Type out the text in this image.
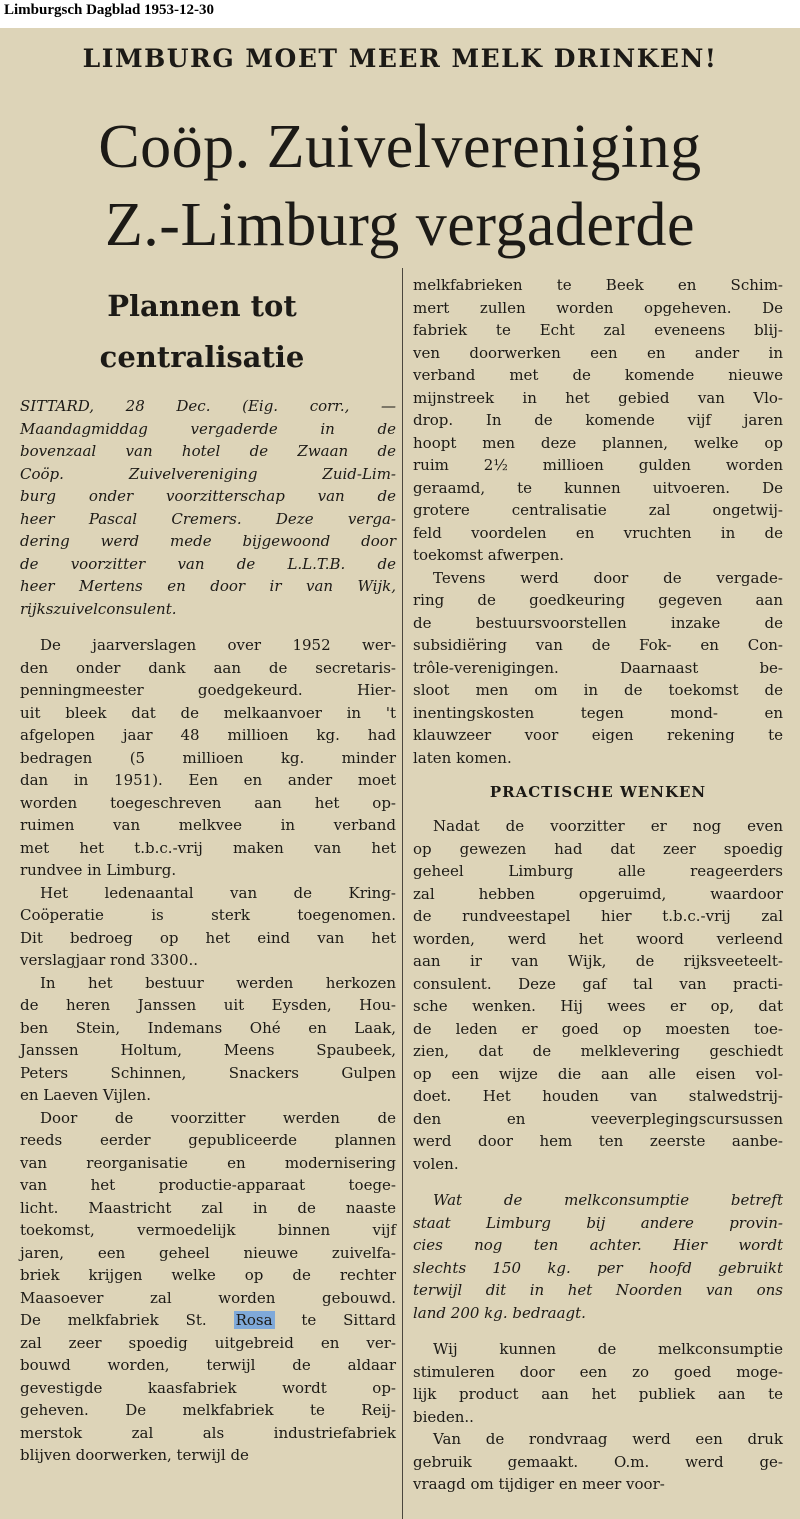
Limburgsch Dagblad 1953-12-30
LIMBURG MOET MEER MELK DRINKEN!
Coöp. Zuivelvereniging
Z.-Limburg vergaderde
Plannen tot
centralisatie
SITTARD, 28 Dec. (Eig. corr., —
Maandagmiddag vergaderde in de
bovenzaal van hotel de Zwaan de
Coöp. Zuivelvereniging Zuid-Lim-
burg onder voorzitterschap van de
heer Pascal Cremers. Deze verga-
dering werd mede bijgewoond door
de voorzitter van de L.L.T.B. de
heer Mertens en door ir van Wijk,
rijkszuivelconsulent.
De jaarverslagen over 1952 wer-
den onder dank aan de secretaris-
penningmeester goedgekeurd. Hier-
uit bleek dat de melkaanvoer in 't
afgelopen jaar 48 millioen kg. had
bedragen (5 millioen kg. minder
dan in 1951). Een en ander moet
worden toegeschreven aan het op-
ruimen van melkvee in verband
met het t.b.c.-vrij maken van het
rundvee in Limburg.
Het ledenaantal van de Kring-
Coöperatie is sterk toegenomen.
Dit bedroeg op het eind van het
verslagjaar rond 3300..
In het bestuur werden herkozen
de heren Janssen uit Eysden, Hou-
ben Stein, Indemans Ohé en Laak,
Janssen Holtum, Meens Spaubeek,
Peters Schinnen, Snackers Gulpen
en Laeven Vijlen.
Door de voorzitter werden de
reeds eerder gepubliceerde plannen
van reorganisatie en modernisering
van het productie-apparaat toege-
licht. Maastricht zal in de naaste
toekomst, vermoedelijk binnen vijf
jaren, een geheel nieuwe zuivelfa-
briek krijgen welke op de rechter
Maasoever zal worden gebouwd.
De melkfabriek St. Rosa te Sittard
zal zeer spoedig uitgebreid en ver-
bouwd worden, terwijl de aldaar
gevestigde kaasfabriek wordt op-
geheven. De melkfabriek te Reij-
merstok zal als industriefabriek
blijven doorwerken, terwijl de
melkfabrieken te Beek en Schim-
mert zullen worden opgeheven. De
fabriek te Echt zal eveneens blij-
ven doorwerken een en ander in
verband met de komende nieuwe
mijnstreek in het gebied van Vlo-
drop. In de komende vijf jaren
hoopt men deze plannen, welke op
ruim 2½ millioen gulden worden
geraamd, te kunnen uitvoeren. De
grotere centralisatie zal ongetwij-
feld voordelen en vruchten in de
toekomst afwerpen.
Tevens werd door de vergade-
ring de goedkeuring gegeven aan
de bestuursvoorstellen inzake de
subsidiëring van de Fok- en Con-
trôle-verenigingen. Daarnaast be-
sloot men om in de toekomst de
inentingskosten tegen mond- en
klauwzeer voor eigen rekening te
laten komen.
PRACTISCHE WENKEN
Nadat de voorzitter er nog even
op gewezen had dat zeer spoedig
geheel Limburg alle reageerders
zal hebben opgeruimd, waardoor
de rundveestapel hier t.b.c.-vrij zal
worden, werd het woord verleend
aan ir van Wijk, de rijksveeteelt-
consulent. Deze gaf tal van practi-
sche wenken. Hij wees er op, dat
de leden er goed op moesten toe-
zien, dat de melklevering geschiedt
op een wijze die aan alle eisen vol-
doet. Het houden van stalwedstrij-
den en veeverplegingscursussen
werd door hem ten zeerste aanbe-
volen.
Wat de melkconsumptie betreft
staat Limburg bij andere provin-
cies nog ten achter. Hier wordt
slechts 150 kg. per hoofd gebruikt
terwijl dit in het Noorden van ons
land 200 kg. bedraagt.
Wij kunnen de melkconsumptie
stimuleren door een zo goed moge-
lijk product aan het publiek aan te
bieden..
Van de rondvraag werd een druk
gebruik gemaakt. O.m. werd ge-
vraagd om tijdiger en meer voor-
